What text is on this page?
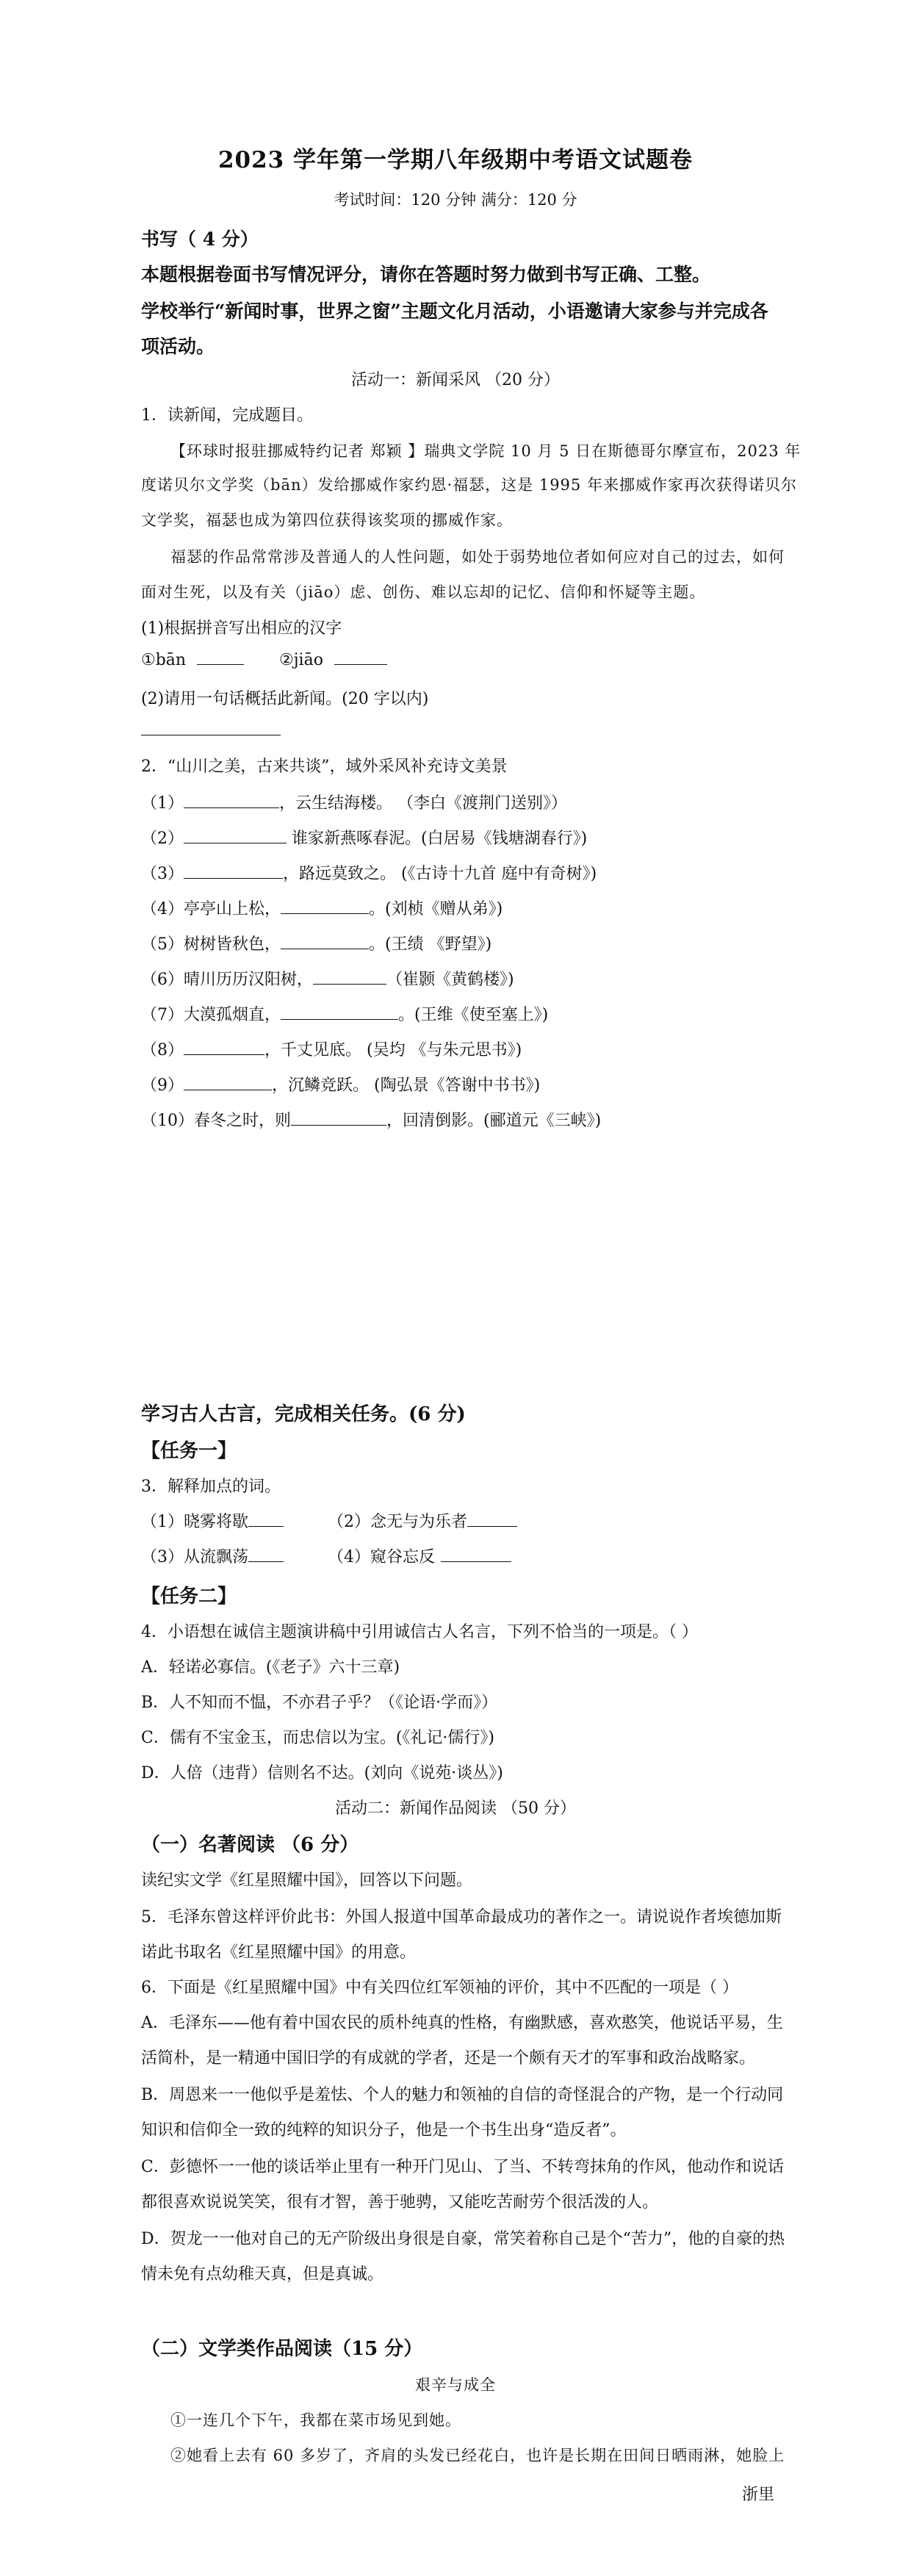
2023 学年第一学期八年级期中考语文试题卷
考试时间：120 分钟 满分：120 分
书写（ 4 分）
本题根据卷面书写情况评分，请你在答题时努力做到书写正确、工整。
学校举行“新闻时事，世界之窗”主题文化月活动，小语邀请大家参与并完成各
项活动。
活动一：新闻采风 （20 分）
1．读新闻，完成题目。
【环球时报驻挪威特约记者 郑颖 】瑞典文学院 10 月 5 日在斯德哥尔摩宣布，2023 年
度诺贝尔文学奖（bān）发给挪威作家约恩·福瑟，这是 1995 年来挪威作家再次获得诺贝尔
文学奖，福瑟也成为第四位获得该奖项的挪威作家。
福瑟的作品常常涉及普通人的人性问题，如处于弱势地位者如何应对自己的过去，如何
面对生死，以及有关（jiāo）虑、创伤、难以忘却的记忆、信仰和怀疑等主题。
(1)根据拼音写出相应的汉字
①bān	②jiāo
(2)请用一句话概括此新闻。(20 字以内)
2．“山川之美，古来共谈”，域外采风补充诗文美景
（1）	，云生结海楼。 （李白《渡荆门送别》）
（2）	谁家新燕啄春泥。(白居易《钱塘湖春行》)
（3）	，路远莫致之。 (《古诗十九首 庭中有奇树》)
（4）亭亭山上松，	。(刘桢《赠从弟》)
（5）树树皆秋色，	。(王绩 《野望》)
（6）晴川历历汉阳树，	（崔颢《黄鹤楼》)
（7）大漠孤烟直，	。(王维《使至塞上》)
（8）	，千丈见底。 (吴均 《与朱元思书》)
（9）	，沉鳞竞跃。 (陶弘景《答谢中书书》)
（10）春冬之时，则	，回清倒影。(郦道元《三峡》)
学习古人古言，完成相关任务。(6 分)
【任务一】
3．解释加点的词。
（1）晓雾将歇	（2）念无与为乐者
（3）从流飘荡	（4）窥谷忘反
【任务二】
4．小语想在诚信主题演讲稿中引用诚信古人名言，下列不恰当的一项是。（ ）
A．轻诺必寡信。(《老子》六十三章)
B．人不知而不愠，不亦君子乎？（《论语·学而》）
C．儒有不宝金玉，而忠信以为宝。(《礼记·儒行》)
D．人倍（违背）信则名不达。(刘向《说苑·谈丛》)
活动二：新闻作品阅读 （50 分）
（一）名著阅读 （6 分）
读纪实文学《红星照耀中国》，回答以下问题。
5．毛泽东曾这样评价此书：外国人报道中国革命最成功的著作之一。请说说作者埃德加斯
诺此书取名《红星照耀中国》的用意。
6．下面是《红星照耀中国》中有关四位红军领袖的评价，其中不匹配的一项是（ ）
A．毛泽东——他有着中国农民的质朴纯真的性格，有幽默感，喜欢憨笑，他说话平易，生
活简朴，是一精通中国旧学的有成就的学者，还是一个颇有天才的军事和政治战略家。
B．周恩来一一他似乎是羞怯、个人的魅力和领袖的自信的奇怪混合的产物，是一个行动同
知识和信仰全一致的纯粹的知识分子，他是一个书生出身“造反者”。
C．彭德怀一一他的谈话举止里有一种开门见山、了当、不转弯抹角的作风，他动作和说话
都很喜欢说说笑笑，很有才智，善于驰骋，又能吃苦耐劳个很活泼的人。
D．贺龙一一他对自己的无产阶级出身很是自豪，常笑着称自己是个“苦力”，他的自豪的热
情未免有点幼稚天真，但是真诚。
（二）文学类作品阅读（15 分）
艰辛与成全
①一连几个下午，我都在菜市场见到她。
②她看上去有 60 多岁了，齐肩的头发已经花白，也许是长期在田间日晒雨淋，她脸上
浙里
